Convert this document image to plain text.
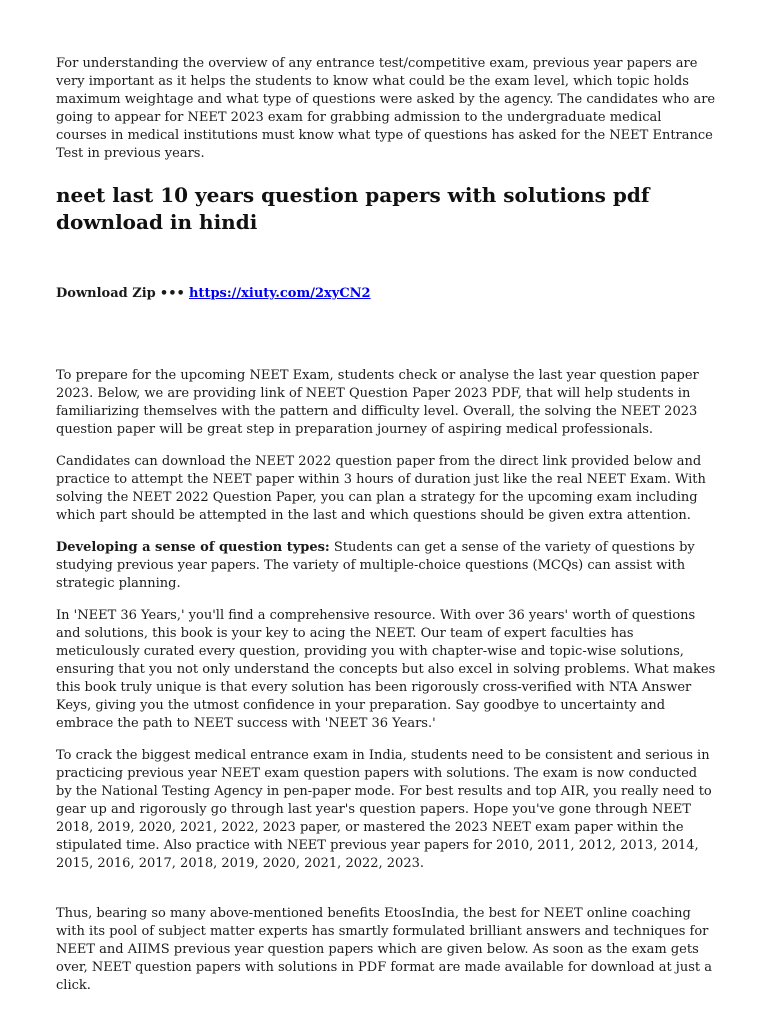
For understanding the overview of any entrance test/competitive exam, previous year papers are very important as it helps the students to know what could be the exam level, which topic holds maximum weightage and what type of questions were asked by the agency. The candidates who are going to appear for NEET 2023 exam for grabbing admission to the undergraduate medical courses in medical institutions must know what type of questions has asked for the NEET Entrance Test in previous years.

neet last 10 years question papers with solutions pdf download in hindi

Download Zip ••• https://xiuty.com/2xyCN2

To prepare for the upcoming NEET Exam, students check or analyse the last year question paper 2023. Below, we are providing link of NEET Question Paper 2023 PDF, that will help students in familiarizing themselves with the pattern and difficulty level. Overall, the solving the NEET 2023 question paper will be great step in preparation journey of aspiring medical professionals.

Candidates can download the NEET 2022 question paper from the direct link provided below and practice to attempt the NEET paper within 3 hours of duration just like the real NEET Exam. With solving the NEET 2022 Question Paper, you can plan a strategy for the upcoming exam including which part should be attempted in the last and which questions should be given extra attention.

Developing a sense of question types: Students can get a sense of the variety of questions by studying previous year papers. The variety of multiple-choice questions (MCQs) can assist with strategic planning.

In 'NEET 36 Years,' you'll find a comprehensive resource. With over 36 years' worth of questions and solutions, this book is your key to acing the NEET. Our team of expert faculties has meticulously curated every question, providing you with chapter-wise and topic-wise solutions, ensuring that you not only understand the concepts but also excel in solving problems. What makes this book truly unique is that every solution has been rigorously cross-verified with NTA Answer Keys, giving you the utmost confidence in your preparation. Say goodbye to uncertainty and embrace the path to NEET success with 'NEET 36 Years.'

To crack the biggest medical entrance exam in India, students need to be consistent and serious in practicing previous year NEET exam question papers with solutions. The exam is now conducted by the National Testing Agency in pen-paper mode. For best results and top AIR, you really need to gear up and rigorously go through last year's question papers. Hope you've gone through NEET 2018, 2019, 2020, 2021, 2022, 2023 paper, or mastered the 2023 NEET exam paper within the stipulated time. Also practice with NEET previous year papers for 2010, 2011, 2012, 2013, 2014, 2015, 2016, 2017, 2018, 2019, 2020, 2021, 2022, 2023.

Thus, bearing so many above-mentioned benefits EtoosIndia, the best for NEET online coaching with its pool of subject matter experts has smartly formulated brilliant answers and techniques for NEET and AIIMS previous year question papers which are given below. As soon as the exam gets over, NEET question papers with solutions in PDF format are made available for download at just a click.
